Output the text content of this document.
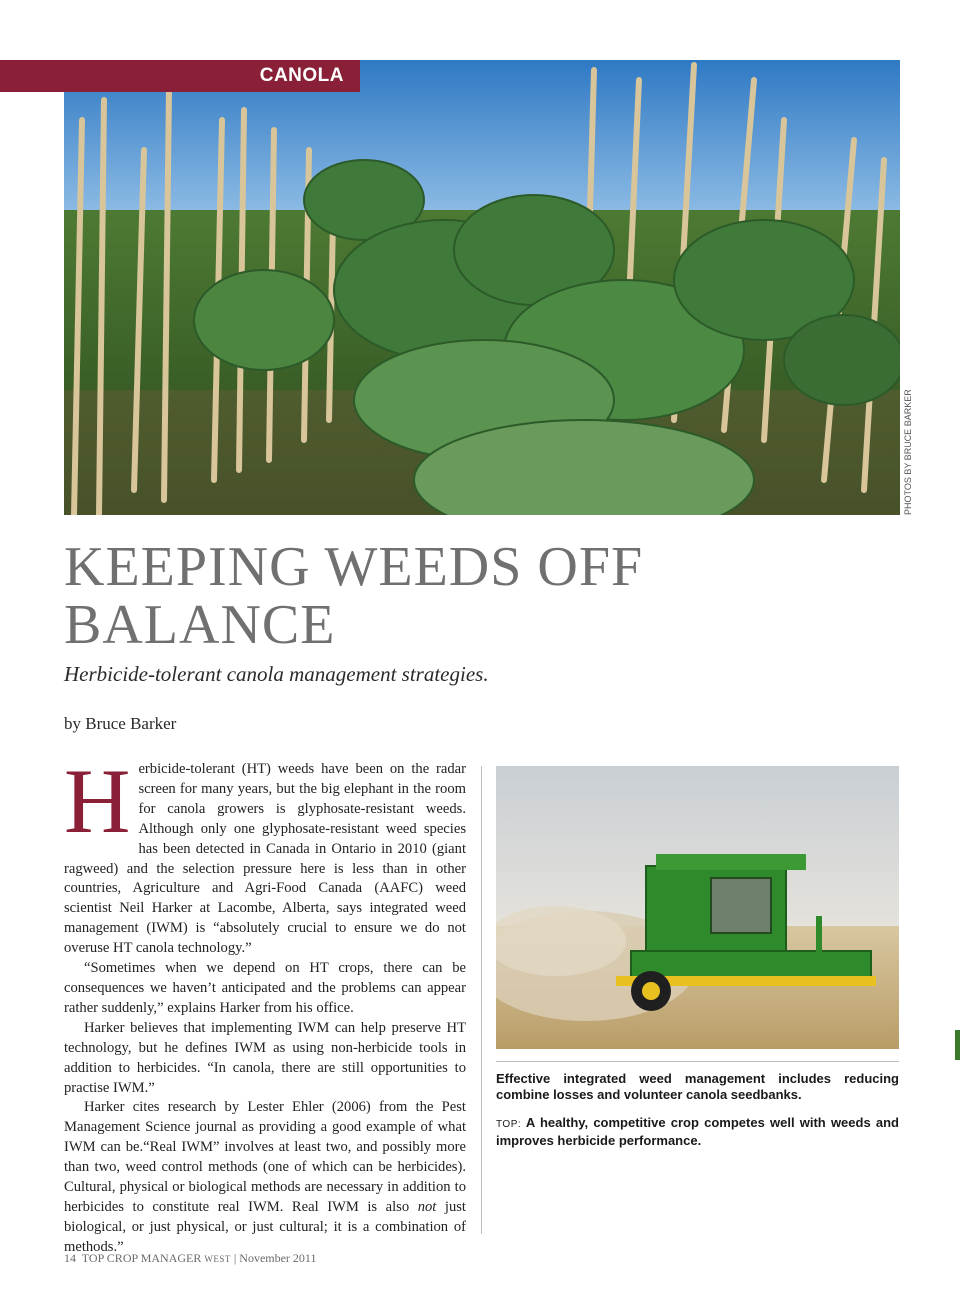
CANOLA
PHOTOS BY BRUCE BARKER
KEEPING WEEDS OFF
BALANCE

Herbicide-tolerant canola management strategies.

by Bruce Barker

Herbicide-tolerant (HT) weeds have been on the radar screen for many years, but the big elephant in the room for canola growers is glyphosate-resistant weeds. Although only one glyphosate-resistant weed species has been detected in Canada in Ontario in 2010 (giant ragweed) and the selection pressure here is less than in other countries, Agriculture and Agri-Food Canada (AAFC) weed scientist Neil Harker at Lacombe, Alberta, says integrated weed management (IWM) is “absolutely crucial to ensure we do not overuse HT canola technology.”

“Sometimes when we depend on HT crops, there can be consequences we haven’t anticipated and the problems can appear rather suddenly,” explains Harker from his office.

Harker believes that implementing IWM can help preserve HT technology, but he defines IWM as using non-herbicide tools in addition to herbicides. “In canola, there are still opportunities to practise IWM.”

Harker cites research by Lester Ehler (2006) from the Pest Management Science journal as providing a good example of what IWM can be.“Real IWM” involves at least two, and possibly more than two, weed control methods (one of which can be herbicides). Cultural, physical or biological methods are necessary in addition to herbicides to constitute real IWM. Real IWM is also not just biological, or just physical, or just cultural; it is a combination of methods.”

Effective integrated weed management includes reducing combine losses and volunteer canola seedbanks.

TOP: A healthy, competitive crop competes well with weeds and improves herbicide performance.

14 TOP CROP MANAGER WEST | November 2011
